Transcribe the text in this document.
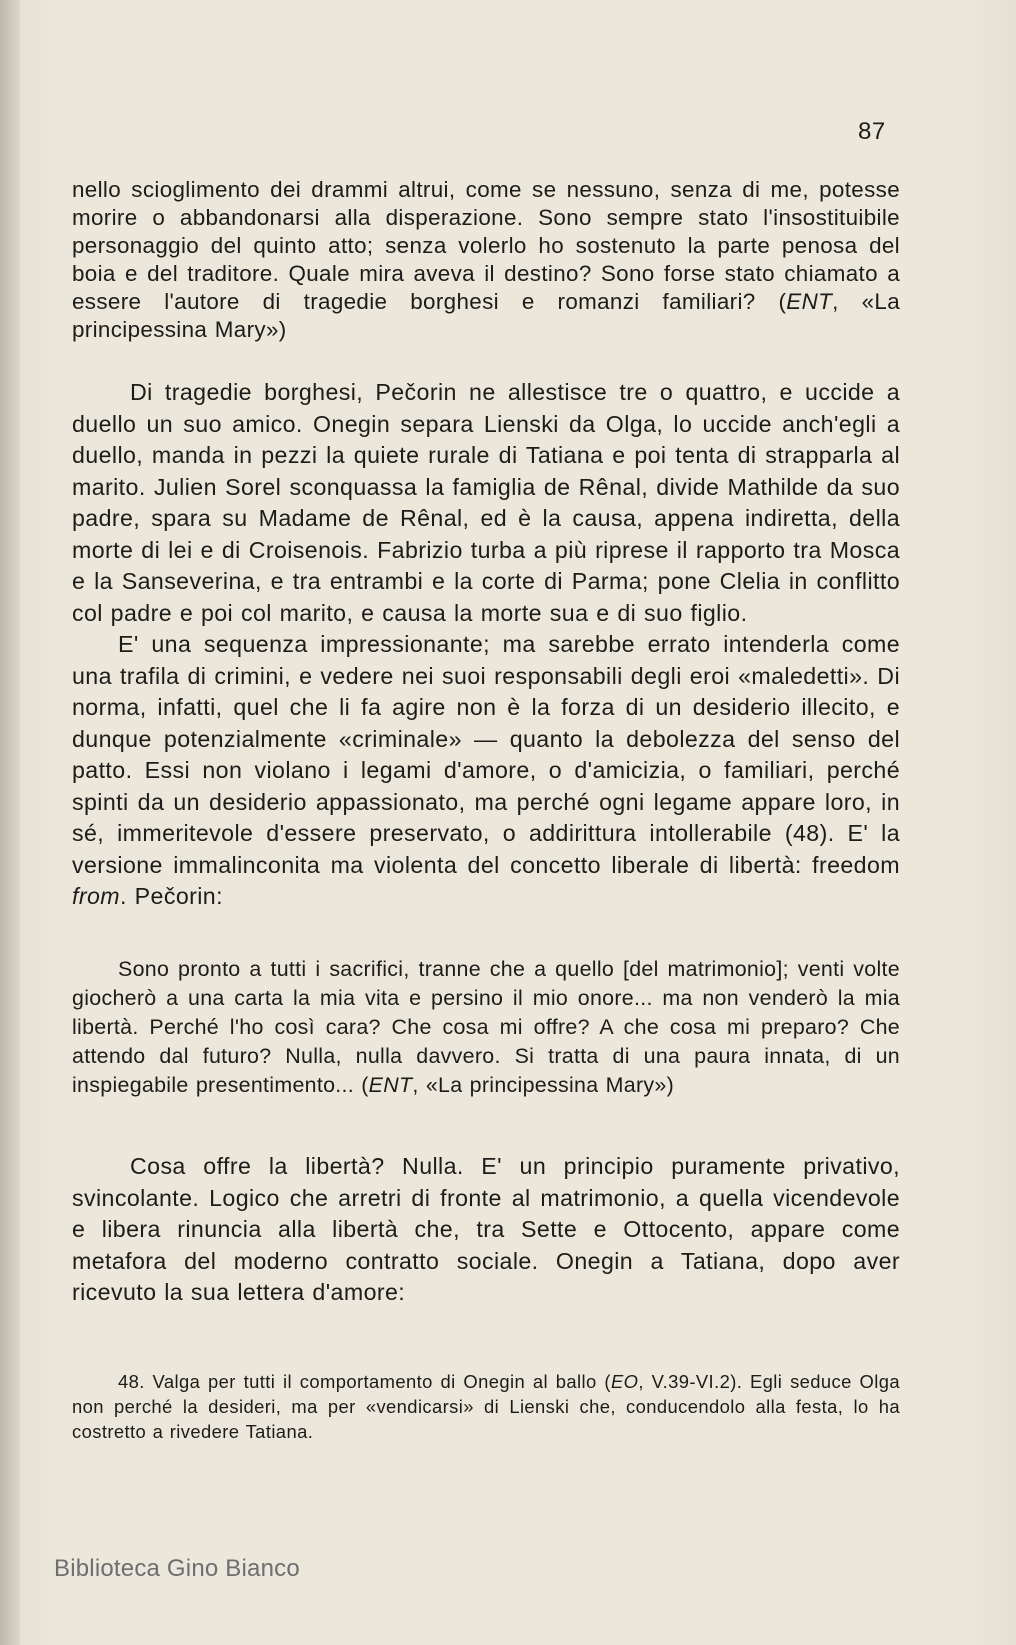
87

nello scioglimento dei drammi altrui, come se nessuno, senza di me, potesse morire o abbandonarsi alla disperazione. Sono sempre stato l'insostituibile personaggio del quinto atto; senza volerlo ho sostenuto la parte penosa del boia e del traditore. Quale mira aveva il destino? Sono forse stato chiamato a essere l'autore di tragedie borghesi e romanzi familiari? (ENT, «La principessina Mary»)

Di tragedie borghesi, Pečorin ne allestisce tre o quattro, e uccide a duello un suo amico. Onegin separa Lienski da Olga, lo uccide anch'egli a duello, manda in pezzi la quiete rurale di Tatiana e poi tenta di strapparla al marito. Julien Sorel sconquassa la famiglia de Rênal, divide Mathilde da suo padre, spara su Madame de Rênal, ed è la causa, appena indiretta, della morte di lei e di Croisenois. Fabrizio turba a più riprese il rapporto tra Mosca e la Sanseverina, e tra entrambi e la corte di Parma; pone Clelia in conflitto col padre e poi col marito, e causa la morte sua e di suo figlio.

E' una sequenza impressionante; ma sarebbe errato intenderla come una trafila di crimini, e vedere nei suoi responsabili degli eroi «maledetti». Di norma, infatti, quel che li fa agire non è la forza di un desiderio illecito, e dunque potenzialmente «criminale» — quanto la debolezza del senso del patto. Essi non violano i legami d'amore, o d'amicizia, o familiari, perché spinti da un desiderio appassionato, ma perché ogni legame appare loro, in sé, immeritevole d'essere preservato, o addirittura intollerabile (48). E' la versione immalinconita ma violenta del concetto liberale di libertà: freedom from. Pečorin:

Sono pronto a tutti i sacrifici, tranne che a quello [del matrimonio]; venti volte giocherò a una carta la mia vita e persino il mio onore... ma non venderò la mia libertà. Perché l'ho così cara? Che cosa mi offre? A che cosa mi preparo? Che attendo dal futuro? Nulla, nulla davvero. Si tratta di una paura innata, di un inspiegabile presentimento... (ENT, «La principessina Mary»)

Cosa offre la libertà? Nulla. E' un principio puramente privativo, svincolante. Logico che arretri di fronte al matrimonio, a quella vicendevole e libera rinuncia alla libertà che, tra Sette e Ottocento, appare come metafora del moderno contratto sociale. Onegin a Tatiana, dopo aver ricevuto la sua lettera d'amore:

48. Valga per tutti il comportamento di Onegin al ballo (EO, V.39-VI.2). Egli seduce Olga non perché la desideri, ma per «vendicarsi» di Lienski che, conducendolo alla festa, lo ha costretto a rivedere Tatiana.

Biblioteca Gino Bianco
